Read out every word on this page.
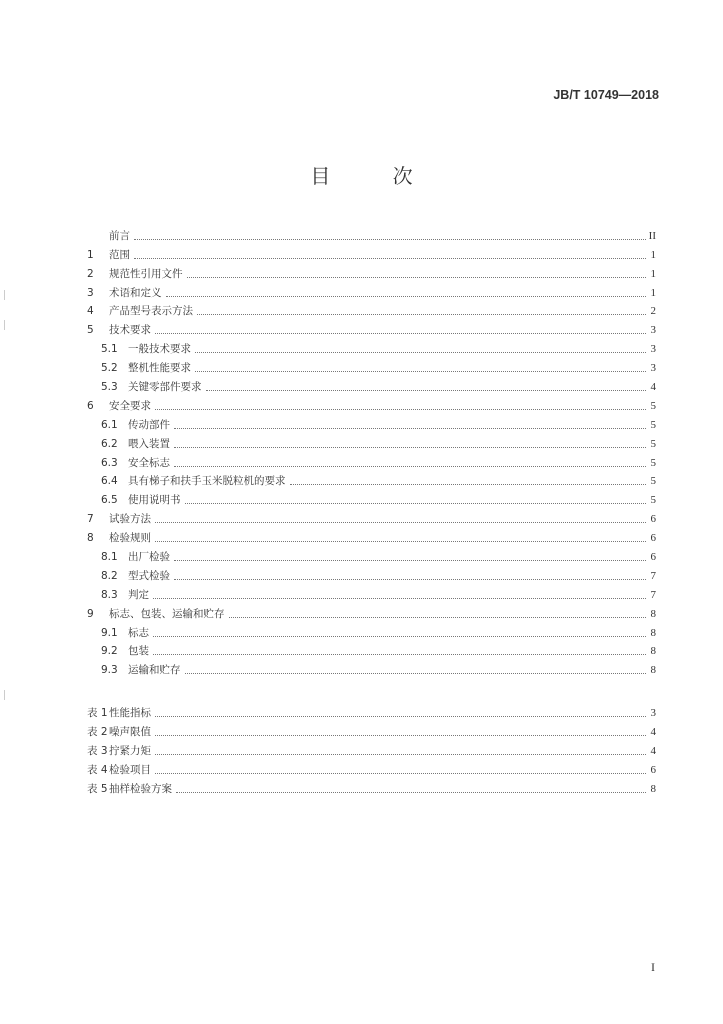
JB/T 10749—2018
目 次
前言	II
1	范围	1
2	规范性引用文件	1
3	术语和定义	1
4	产品型号表示方法	2
5	技术要求	3
5.1 一般技术要求	3
5.2 整机性能要求	3
5.3 关键零部件要求	4
6	安全要求	5
6.1 传动部件	5
6.2 喂入装置	5
6.3 安全标志	5
6.4 具有梯子和扶手玉米脱粒机的要求	5
6.5 使用说明书	5
7	试验方法	6
8	检验规则	6
8.1 出厂检验	6
8.2 型式检验	7
8.3 判定	7
9	标志、包装、运输和贮存	8
9.1 标志	8
9.2 包装	8
9.3 运输和贮存	8
表 1 性能指标	3
表 2 噪声限值	4
表 3 拧紧力矩	4
表 4 检验项目	6
表 5 抽样检验方案	8
I
